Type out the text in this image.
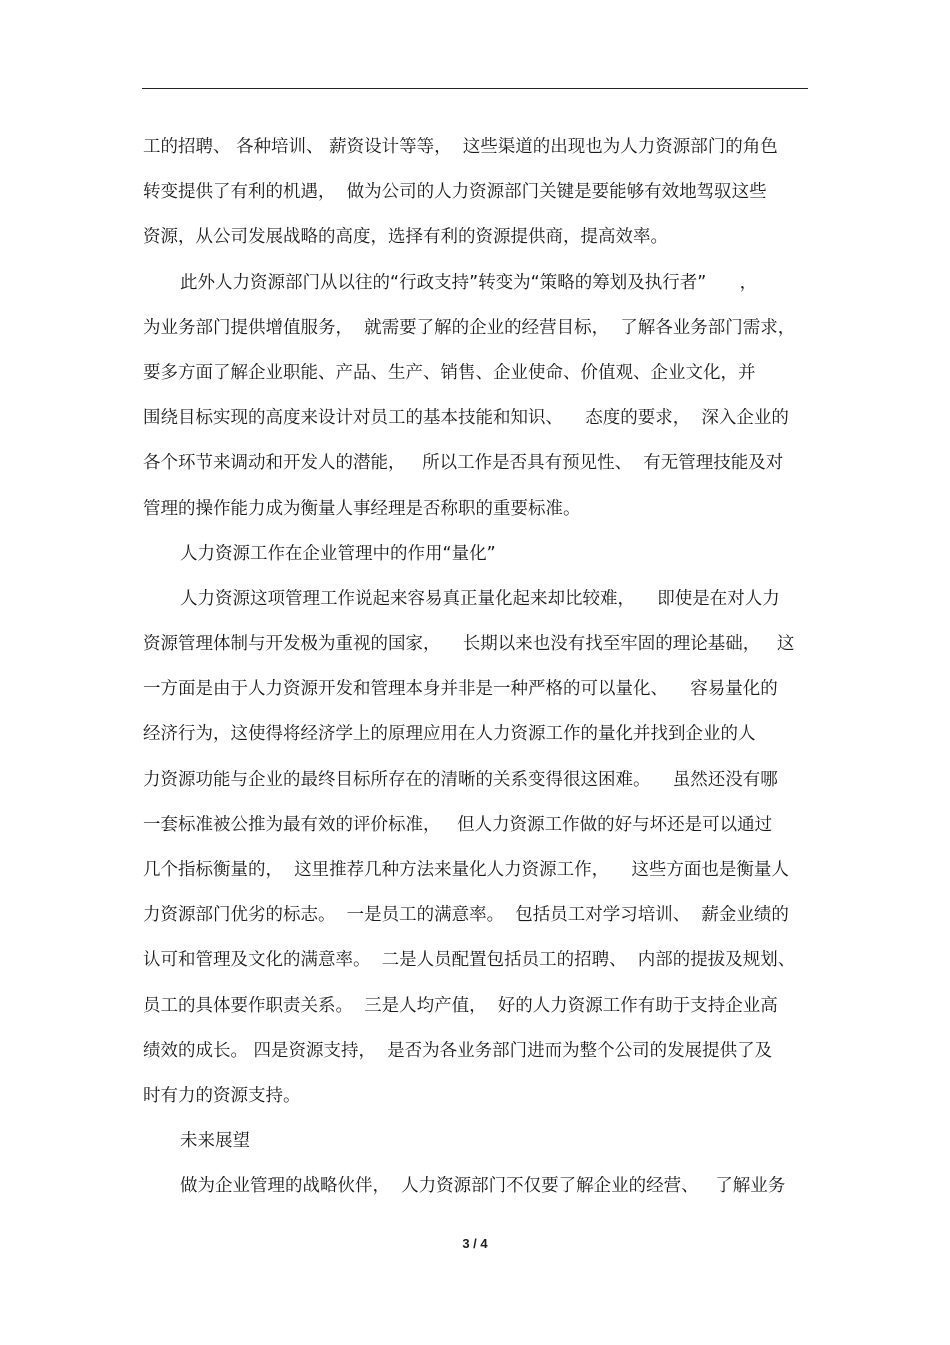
工的招聘、 各种培训、 薪资设计等等，  这些渠道的出现也为人力资源部门的角色
转变提供了有利的机遇，  做为公司的人力资源部门关键是要能够有效地驾驭这些
资源，从公司发展战略的高度，选择有利的资源提供商，提高效率。
此外人力资源部门从以往的“行政支持”转变为“策略的筹划及执行者”      ，
为业务部门提供增值服务，  就需要了解的企业的经营目标，  了解各业务部门需求，
要多方面了解企业职能、产品、生产、销售、企业使命、价值观、企业文化，并
围绕目标实现的高度来设计对员工的基本技能和知识、    态度的要求，  深入企业的
各个环节来调动和开发人的潜能，   所以工作是否具有预见性、  有无管理技能及对
管理的操作能力成为衡量人事经理是否称职的重要标准。
人力资源工作在企业管理中的作用“量化”
人力资源这项管理工作说起来容易真正量化起来却比较难，    即使是在对人力
资源管理体制与开发极为重视的国家，    长期以来也没有找至牢固的理论基础，   这
一方面是由于人力资源开发和管理本身并非是一种严格的可以量化、    容易量化的
经济行为，这使得将经济学上的原理应用在人力资源工作的量化并找到企业的人
力资源功能与企业的最终目标所存在的清晰的关系变得很这困难。    虽然还没有哪
一套标准被公推为最有效的评价标准，   但人力资源工作做的好与坏还是可以通过
几个指标衡量的，  这里推荐几种方法来量化人力资源工作，    这些方面也是衡量人
力资源部门优劣的标志。  一是员工的满意率。  包括员工对学习培训、  薪金业绩的
认可和管理及文化的满意率。  二是人员配置包括员工的招聘、  内部的提拔及规划、
员工的具体要作职责关系。  三是人均产值，  好的人力资源工作有助于支持企业高
绩效的成长。 四是资源支持，  是否为各业务部门进而为整个公司的发展提供了及
时有力的资源支持。
未来展望
做为企业管理的战略伙伴，  人力资源部门不仅要了解企业的经营、   了解业务
3 / 4
